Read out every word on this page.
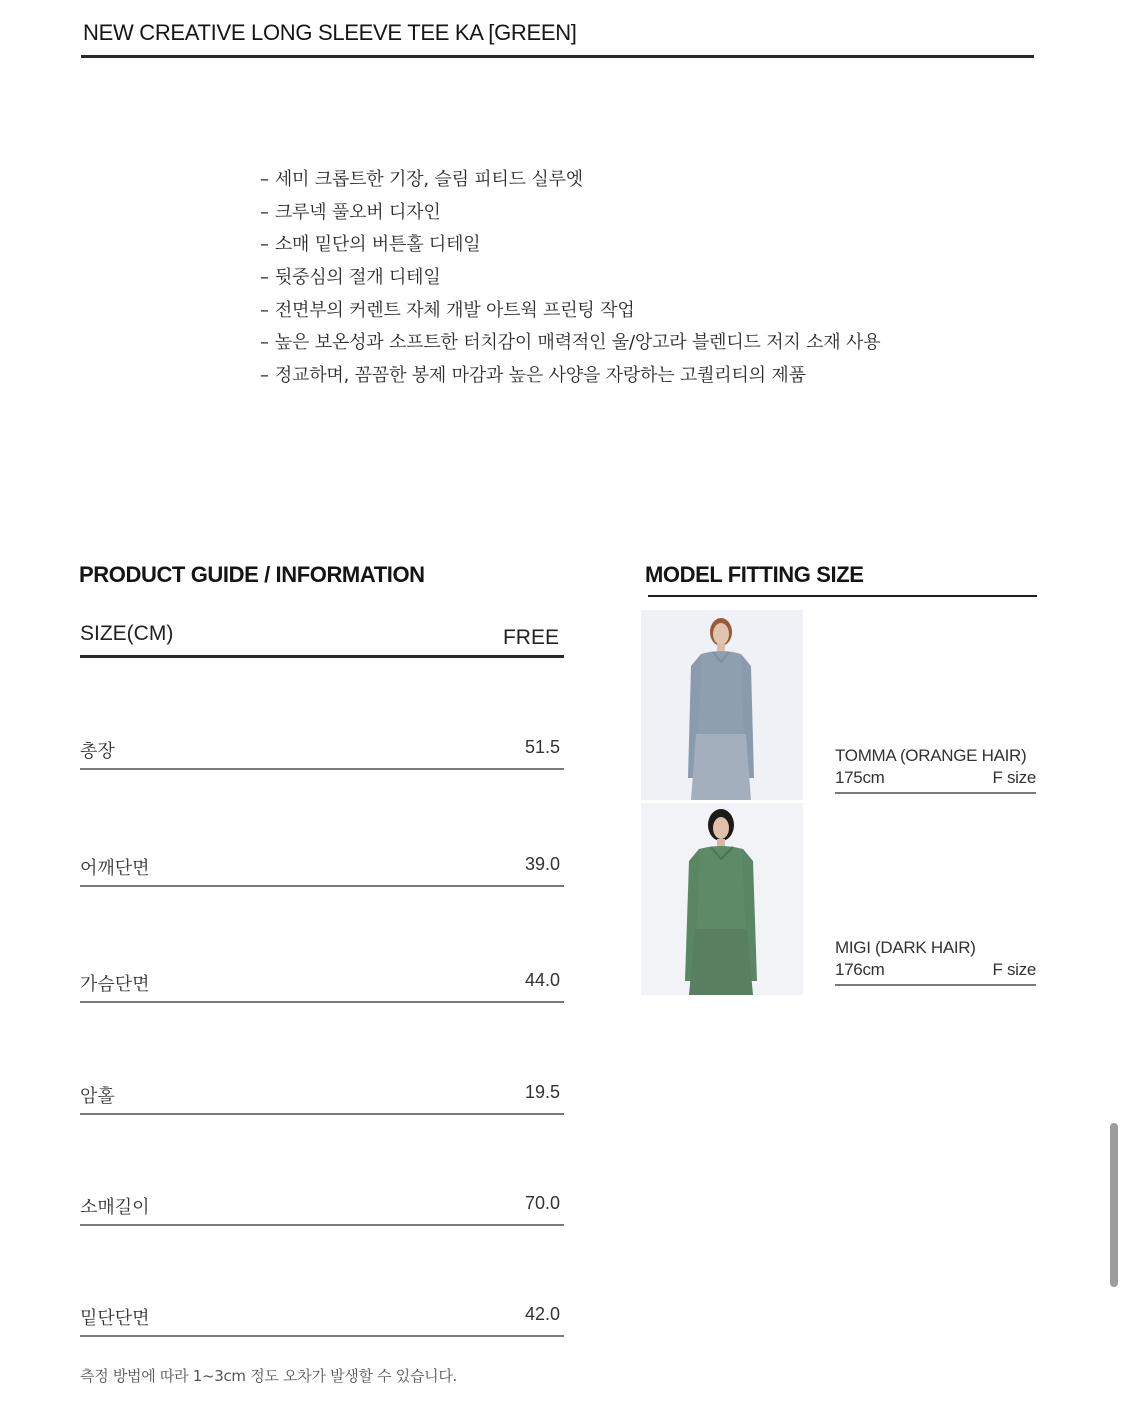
NEW CREATIVE LONG SLEEVE TEE KA [GREEN]
– 세미 크롭트한 기장, 슬림 피티드 실루엣
– 크루넥 풀오버 디자인
– 소매 밑단의 버튼홀 디테일
– 뒷중심의 절개 디테일
– 전면부의 커렌트 자체 개발 아트웍 프린팅 작업
– 높은 보온성과 소프트한 터치감이 매력적인 울/앙고라 블렌디드 저지 소재 사용
– 정교하며, 꼼꼼한 봉제 마감과 높은 사양을 자랑하는 고퀄리티의 제품
PRODUCT GUIDE / INFORMATION
SIZE(CM)	FREE
총장	51.5
어깨단면	39.0
가슴단면	44.0
암홀	19.5
소매길이	70.0
밑단단면	42.0
측정 방법에 따라 1~3cm 정도 오차가 발생할 수 있습니다.
MODEL FITTING SIZE
TOMMA (ORANGE HAIR)
175cm	F size
MIGI (DARK HAIR)
176cm	F size
